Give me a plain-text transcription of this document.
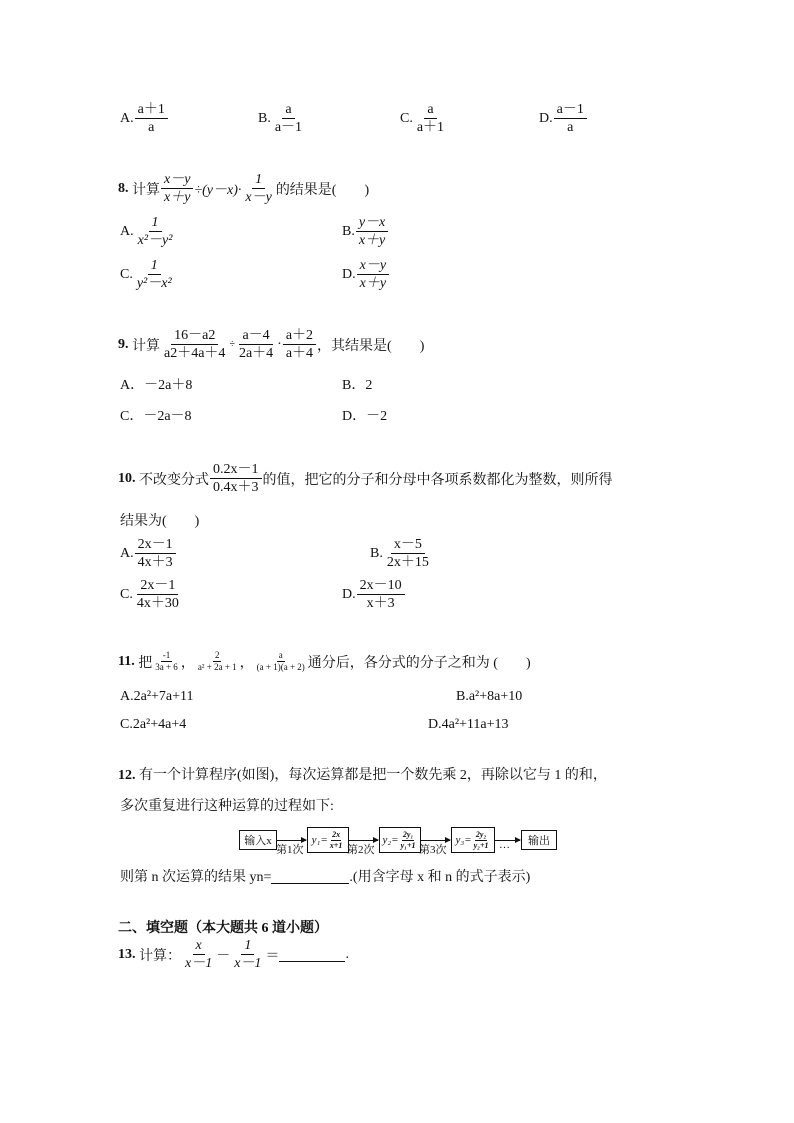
A. $\frac{a+1}{a}$	B. $\frac{a}{a-1}$	C. $\frac{a}{a+1}$	D. $\frac{a-1}{a}$
8.
计算 $\frac{x-y}{x+y} \div(y-x)\cdot \frac{1}{x-y}$ 的结果是(　　)
A. $\frac{1}{\text{x²－y²}}$	B. $\frac{y-x}{x+y}$
C. $\frac{1}{\text{y²－x²}}$	D. $\frac{x-y}{x+y}$
9.
计算 $\frac{16-a2}{a2+4a+4} \div \frac{a-4}{2a+4} \cdot \frac{a+2}{a+4}$ ，其结果是(　　)
A．－2a＋8	B．2
C．－2a－8	D．－2
10.
不改变分式 $\frac{0.2x-1}{0.4x+3}$ 的值，把它的分子和分母中各项系数都化为整数，则所得
结果为(　　)
A. $\frac{2x-1}{4x+3}$	B. $\frac{x-5}{2x+15}$
C. $\frac{2x-1}{4x+30}$	D. $\frac{2x-10}{x+3}$
11.
把 $\frac{-1}{3a + 6}$ ， $\frac{2}{\text{a² + 2a + 1}}$ ， $\frac{a}{(a + 1)(a + 2)}$ 通分后，各分式的分子之和为 (　　)
A.2a²+7a+11	B.a²+8a+10
C.2a²+4a+4	D.4a²+11a+13
12. 有一个计算程序(如图)，每次运算都是把一个数先乘 2，再除以它与 1 的和，
多次重复进行这种运算的过程如下:
输入x
第1次
$y_1= \frac{2x}{x+1}$ 第2次
$y_2= \frac{\text{2y₁}}{\text{y₁+1}}$ 第3次
$y_3= \frac{\text{2y₂}}{\text{y₂+1}}$ …	输出
则第 n 次运算的结果 yn=	.(用含字母 x 和 n 的式子表示)
二、填空题（本大题共 6 道小题）
13.
计算： $\frac{x}{x-1} - \frac{1}{x-1}$ ＝	.
